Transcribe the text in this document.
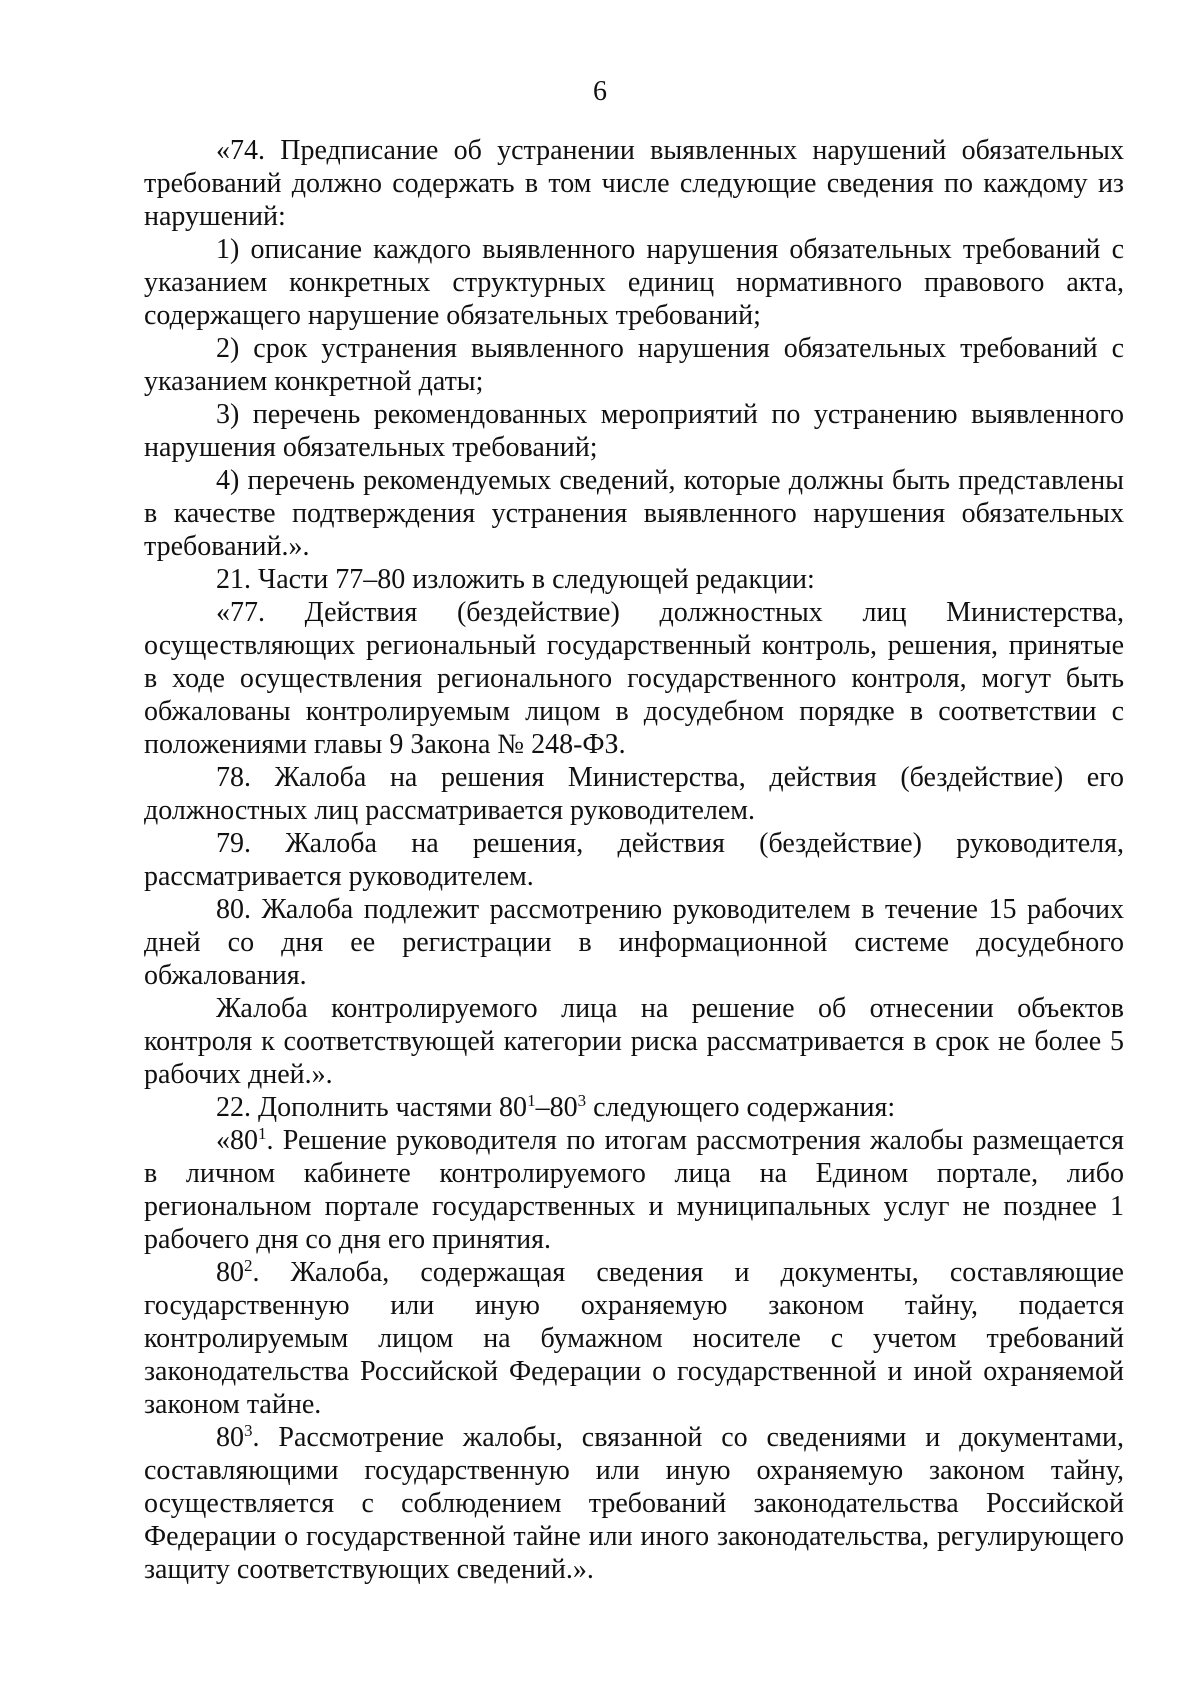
6

«74. Предписание об устранении выявленных нарушений обязательных требований должно содержать в том числе следующие сведения по каждому из нарушений:

1) описание каждого выявленного нарушения обязательных требований с указанием конкретных структурных единиц нормативного правового акта, содержащего нарушение обязательных требований;

2) срок устранения выявленного нарушения обязательных требований с указанием конкретной даты;

3) перечень рекомендованных мероприятий по устранению выявленного нарушения обязательных требований;

4) перечень рекомендуемых сведений, которые должны быть представлены в качестве подтверждения устранения выявленного нарушения обязательных требований.».

21. Части 77–80 изложить в следующей редакции:

«77. Действия (бездействие) должностных лиц Министерства, осуществляющих региональный государственный контроль, решения, принятые в ходе осуществления регионального государственного контроля, могут быть обжалованы контролируемым лицом в досудебном порядке в соответствии с положениями главы 9 Закона № 248-ФЗ.

78. Жалоба на решения Министерства, действия (бездействие) его должностных лиц рассматривается руководителем.

79. Жалоба на решения, действия (бездействие) руководителя, рассматривается руководителем.

80. Жалоба подлежит рассмотрению руководителем в течение 15 рабочих дней со дня ее регистрации в информационной системе досудебного обжалования.

Жалоба контролируемого лица на решение об отнесении объектов контроля к соответствующей категории риска рассматривается в срок не более 5 рабочих дней.».

22. Дополнить частями $80^1-80^3$ следующего содержания:

«$80^1$. Решение руководителя по итогам рассмотрения жалобы размещается в личном кабинете контролируемого лица на Едином портале, либо региональном портале государственных и муниципальных услуг не позднее 1 рабочего дня со дня его принятия.

$80^2$. Жалоба, содержащая сведения и документы, составляющие государственную или иную охраняемую законом тайну, подается контролируемым лицом на бумажном носителе с учетом требований законодательства Российской Федерации о государственной и иной охраняемой законом тайне.

$80^3$. Рассмотрение жалобы, связанной со сведениями и документами, составляющими государственную или иную охраняемую законом тайну, осуществляется с соблюдением требований законодательства Российской Федерации о государственной тайне или иного законодательства, регулирующего защиту соответствующих сведений.».
